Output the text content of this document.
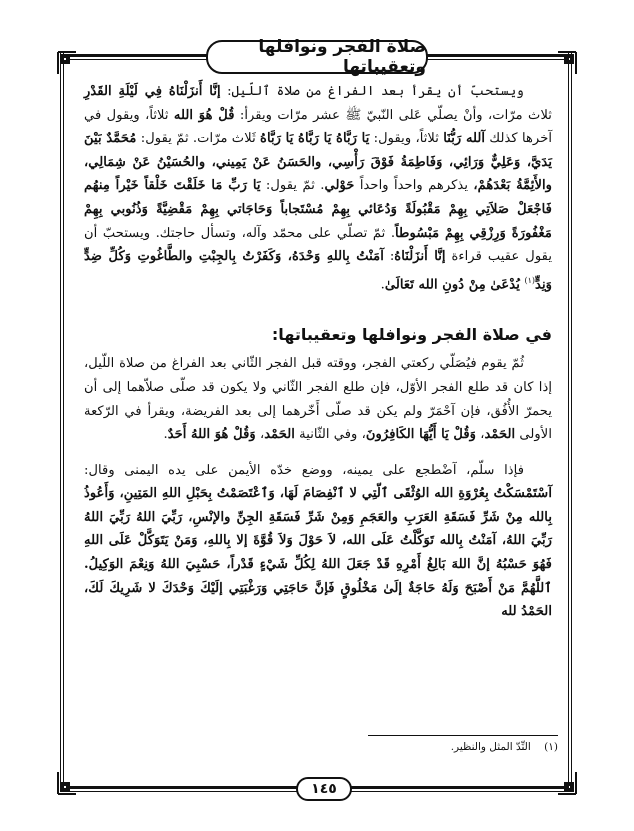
صلاة الفجر ونوافلها وتعقيباتها

ويستحبّ أن يقرأ بعد الفراغ من صلاة ٱللّيل: إنَّا أَنزَلْنَاهُ فِي لَيْلَةِ القَدْرِ ثلاث مرّات، وأنْ يصلّي عَلى النّبيّ ﷺ عشر مرّات ويقرأ: قُلْ هُوَ الله ثلاثاً، ويقول في آخرها كذلك آلله رَبُّنَا ثلاثاً، ويقول: يَا رَبَّاهُ يَا رَبَّاهُ يَا رَبَّاهُ ثَلاث مرّات. ثمّ يقول: مُحَمَّدٌ بَيْنَ يَدَيَّ، وَعَلِيٌّ وَرَائِي، وَفَاطِمَةُ فَوْقَ رَأْسِي، والحَسَنُ عَنْ يَمِيني، والحُسَيْنُ عَنْ شِمَالِي، والأَئِمَّةُ بَعْدَهُمْ، يذكرهم واحداً واحداً حَوْلي. ثمّ يقول: يَا رَبِّ مَا خَلَقْتَ خَلْقاً خَيْراً مِنهُم فَاجْعَلْ صَلاَتِي بِهِمْ مَقْبُولَةً وَدُعَائي بِهِمْ مُسْتَجاباً وَحَاجَاتي بِهِمْ مَقْضِيَّةً وَذُنُوبي بِهِمْ مَغْفُورَةً وَرِزْقِي بِهِمْ مَبْسُوطاً. ثمّ تصلّي على محمّد وآله، وتسأل حاجتك. ويستحبّ أن يقول عقيب قراءة إنَّا أَنزَلْنَاهُ: آمَنْتُ بِاللهِ وَحْدَهُ، وَكَفَرْتُ بِالجِبْتِ والطَّاغُوتِ وَكُلِّ ضِدٍّ وَنِدٍّ$^{(١)}$ يُدْعَىٰ مِنْ دُونِ الله تَعَالَىٰ.

في صلاة الفجر ونوافلها وتعقيباتها:

ثُمّ يقوم فيُصَلّي ركعتي الفجر، ووقته قبل الفجر الثّاني بعد الفراغ من صلاة اللّيل، إذا كان قد طلع الفجر الأوّل، فإن طلع الفجر الثّاني ولا يكون قد صلّى صلاّهما إلى أن يحمرّ الأُفُق، فإن آحْمَرّ ولم يكن قد صلّى أَخّرهما إلى بعد الفريضة، ويقرأ في الرّكعة الأولى الحَمْد، وَقُلْ يَا أَيُّهَا الكَافِرُونَ، وفي الثّانية الحَمْد، وَقُلْ هُوَ اللهُ أَحَدٌ.

فإذا سلّم، آضْطجع على يمينه، ووضع خدّه الأيمن على يده اليمنى وقال: آسْتَمْسَكْتُ بِعُرْوَةِ الله الوُثْقَى ٱلّتِي لا ٱنْفِصَامَ لَهَا، وَٱعْتَصَمْتُ بِحَبْلِ اللهِ المَتِينِ، وَأَعُوذُ بِالله مِنْ شَرِّ فَسَقَةِ العَرَبِ والعَجَمِ وَمِنْ شَرِّ فَسَقَةِ الجِنِّ والإنْسِ، رَبِّيَ اللهُ رَبِّيَ اللهُ رَبِّيَ اللهُ، آمَنْتُ بِالله تَوَكَّلْتُ عَلَى الله، لاَ حَوْلَ وَلاَ قُوَّةَ إلا بِاللهِ، وَمَنْ يَتَوَكَّلْ عَلَى اللهِ فَهُوَ حَسْبُهُ إنَّ اللهَ بَالِغُ أَمْرِهِ قَدْ جَعَلَ اللهُ لِكُلِّ شَيْءٍ قَدْراً، حَسْبِيَ اللهُ وَنِعْمَ الوَكِيلُ. ٱللَّهُمَّ مَنْ أَصْبَحَ وَلَهُ حَاجَةٌ إلَىٰ مَخْلُوقٍ فَإنَّ حَاجَتِي وَرَغْبَتِي إلَيْكَ وَحْدَكَ لا شَرِيكَ لَكَ، الحَمْدُ لله

(١)    النِّدّ المثل والنظير.
١٤٥
